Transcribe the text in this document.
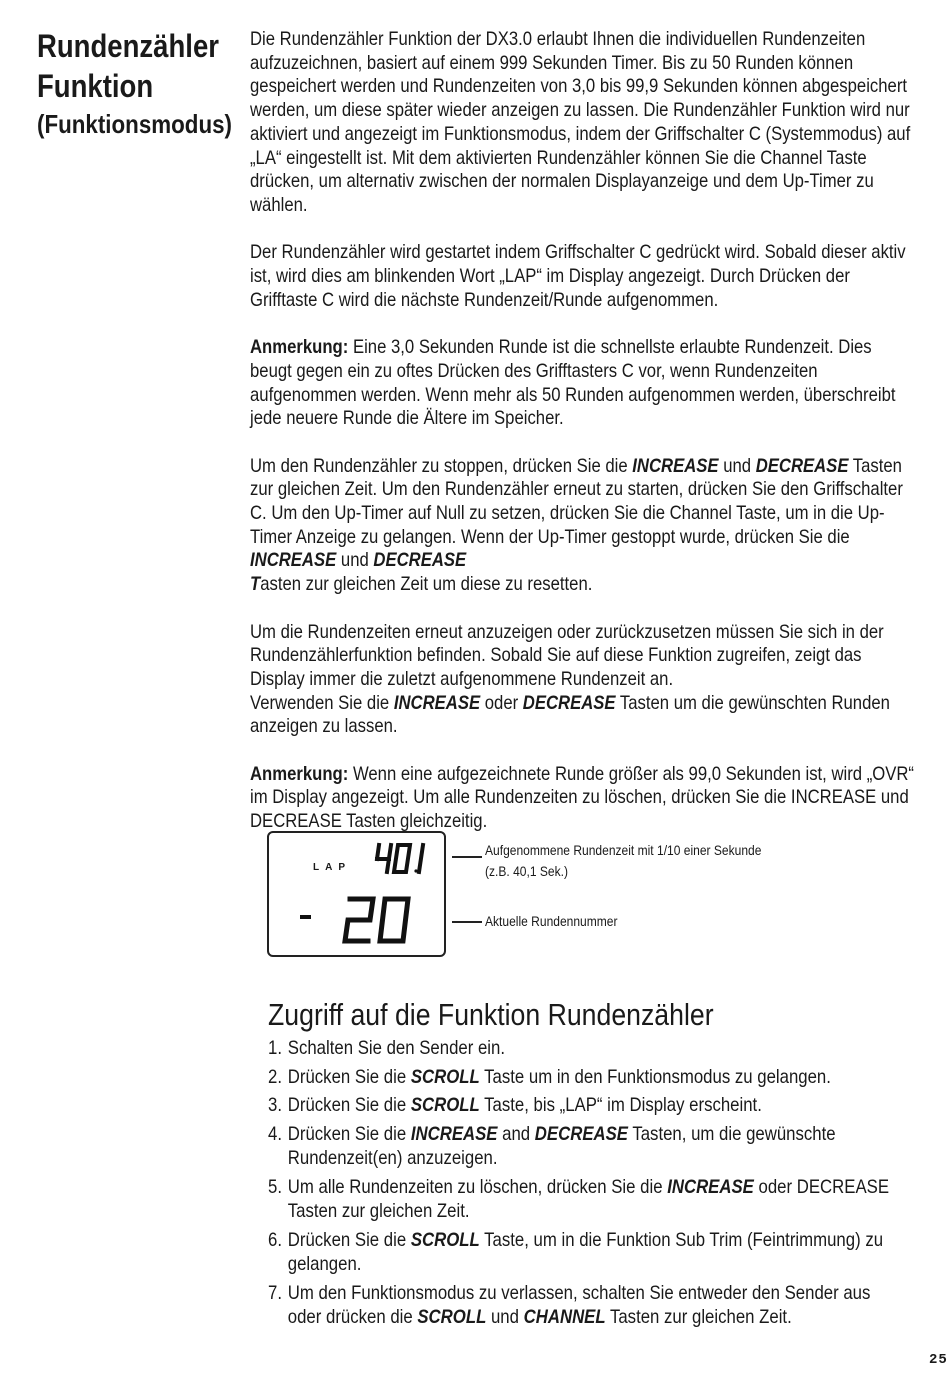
Rundenzähler
Funktion
(Funktionsmodus)

Die Rundenzähler Funktion der DX3.0 erlaubt Ihnen die individuellen Rundenzeiten aufzuzeichnen, basiert auf einem 999 Sekunden Timer. Bis zu 50 Runden können gespeichert werden und Rundenzeiten von 3,0 bis 99,9 Sekunden können abgespeichert werden, um diese später wieder anzeigen zu lassen. Die Rundenzähler Funktion wird nur aktiviert und angezeigt im Funktionsmodus, indem der Griffschalter C (Systemmodus) auf „LA“ eingestellt ist. Mit dem aktivierten Rundenzähler können Sie die Channel Taste drücken, um alternativ zwischen der normalen Displayanzeige und dem Up-Timer zu wählen.

Der Rundenzähler wird gestartet indem Griffschalter C gedrückt wird. Sobald dieser aktiv ist, wird dies am blinkenden Wort „LAP“ im Display angezeigt. Durch Drücken der Grifftaste C wird die nächste Rundenzeit/Runde aufgenommen.

Anmerkung: Eine 3,0 Sekunden Runde ist die schnellste erlaubte Rundenzeit. Dies beugt gegen ein zu oftes Drücken des Grifftasters C vor, wenn Rundenzeiten aufgenommen werden. Wenn mehr als 50 Runden aufgenommen werden, überschreibt jede neuere Runde die Ältere im Speicher.

Um den Rundenzähler zu stoppen, drücken Sie die INCREASE und DECREASE Tasten zur gleichen Zeit. Um den Rundenzähler erneut zu starten, drücken Sie den Griffschalter C. Um den Up-Timer auf Null zu setzen, drücken Sie die Channel Taste, um in die Up-Timer Anzeige zu gelangen. Wenn der Up-Timer gestoppt wurde, drücken Sie die INCREASE und DECREASE
Tasten zur gleichen Zeit um diese zu resetten.

Um die Rundenzeiten erneut anzuzeigen oder zurückzusetzen müssen Sie sich in der Rundenzählerfunktion befinden. Sobald Sie auf diese Funktion zugreifen, zeigt das Display immer die zuletzt aufgenommene Rundenzeit an.

Verwenden Sie die INCREASE oder DECREASE Tasten um die gewünschten Runden anzeigen zu lassen.

Anmerkung: Wenn eine aufgezeichnete Runde größer als 99,0 Sekunden ist, wird „OVR“ im Display angezeigt. Um alle Rundenzeiten zu löschen, drücken Sie die INCREASE und DECREASE Tasten gleichzeitig.

LAP
Aufgenommene Rundenzeit mit 1/10 einer Sekunde
(z.B. 40,1 Sek.)
Aktuelle Rundennummer
Zugriff auf die Funktion Rundenzähler
1. Schalten Sie den Sender ein.
2. Drücken Sie die SCROLL Taste um in den Funktionsmodus zu gelangen.
3. Drücken Sie die SCROLL Taste, bis „LAP“ im Display erscheint.
4. Drücken Sie die INCREASE and DECREASE Tasten, um die gewünschte Rundenzeit(en) anzuzeigen.
5. Um alle Rundenzeiten zu löschen, drücken Sie die INCREASE oder DECREASE Tasten zur gleichen Zeit.
6. Drücken Sie die SCROLL Taste, um in die Funktion Sub Trim (Feintrimmung) zu gelangen.
7. Um den Funktionsmodus zu verlassen, schalten Sie entweder den Sender aus oder drücken die SCROLL und CHANNEL Tasten zur gleichen Zeit.
25
